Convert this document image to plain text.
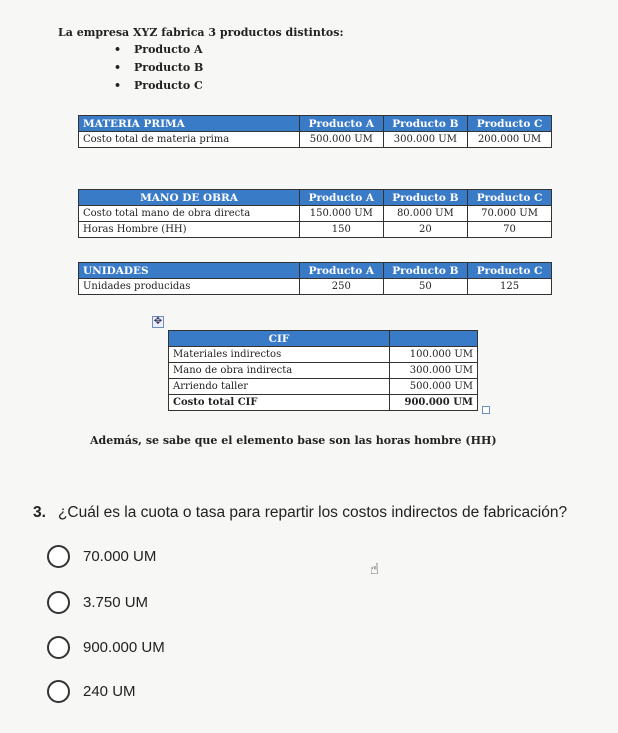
La empresa XYZ fabrica 3 productos distintos:
• Producto A
• Producto B
• Producto C
MATERIA PRIMA	Producto A	Producto B	Producto C
Costo total de materia prima	500.000 UM	300.000 UM	200.000 UM
MANO DE OBRA	Producto A	Producto B	Producto C
Costo total mano de obra directa	150.000 UM	80.000 UM	70.000 UM
Horas Hombre (HH)	150	20	70
UNIDADES	Producto A	Producto B	Producto C
Unidades producidas	250	50	125
✥
CIF	
Materiales indirectos	100.000 UM
Mano de obra indirecta	300.000 UM
Arriendo taller	500.000 UM
Costo total CIF	900.000 UM
Además, se sabe que el elemento base son las horas hombre (HH)
3. ¿Cuál es la cuota o tasa para repartir los costos indirectos de fabricación?
70.000 UM
3.750 UM
900.000 UM
240 UM
☝
